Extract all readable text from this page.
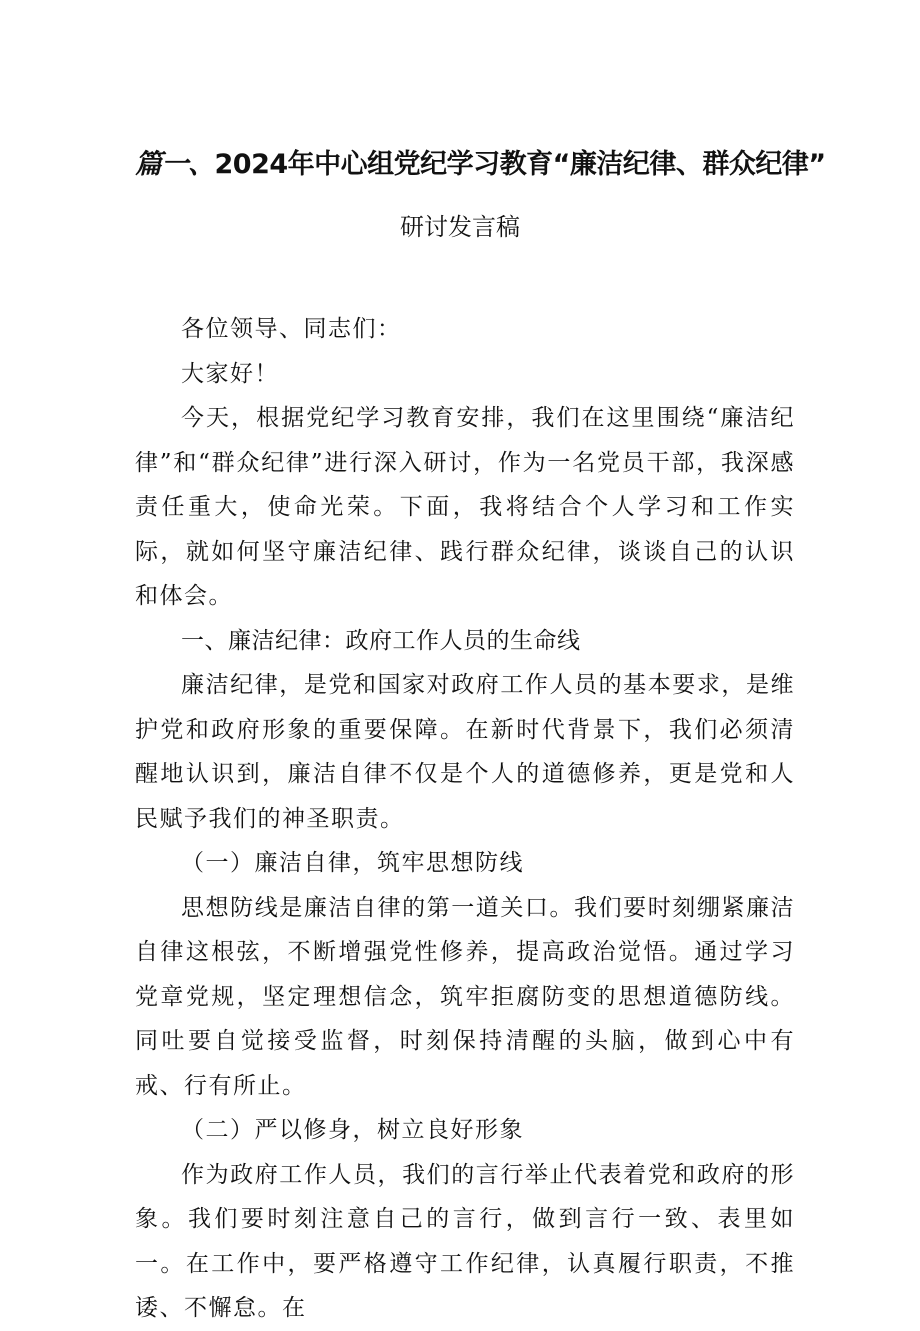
篇一、2024年中心组党纪学习教育“廉洁纪律、群众纪律”
研讨发言稿

各位领导、同志们：

大家好！

今天，根据党纪学习教育安排，我们在这里围绕“廉洁纪律”和“群众纪律”进行深入研讨，作为一名党员干部，我深感责任重大，使命光荣。下面，我将结合个人学习和工作实际，就如何坚守廉洁纪律、践行群众纪律，谈谈自己的认识和体会。

一、廉洁纪律：政府工作人员的生命线

廉洁纪律，是党和国家对政府工作人员的基本要求，是维护党和政府形象的重要保障。在新时代背景下，我们必须清醒地认识到，廉洁自律不仅是个人的道德修养，更是党和人民赋予我们的神圣职责。

（一）廉洁自律，筑牢思想防线

思想防线是廉洁自律的第一道关口。我们要时刻绷紧廉洁自律这根弦，不断增强党性修养，提高政治觉悟。通过学习党章党规，坚定理想信念，筑牢拒腐防变的思想道德防线。同吐要自觉接受监督，时刻保持清醒的头脑，做到心中有戒、行有所止。

（二）严以修身，树立良好形象

作为政府工作人员，我们的言行举止代表着党和政府的形象。我们要时刻注意自己的言行，做到言行一致、表里如一。在工作中，要严格遵守工作纪律，认真履行职责，不推诿、不懈怠。在
